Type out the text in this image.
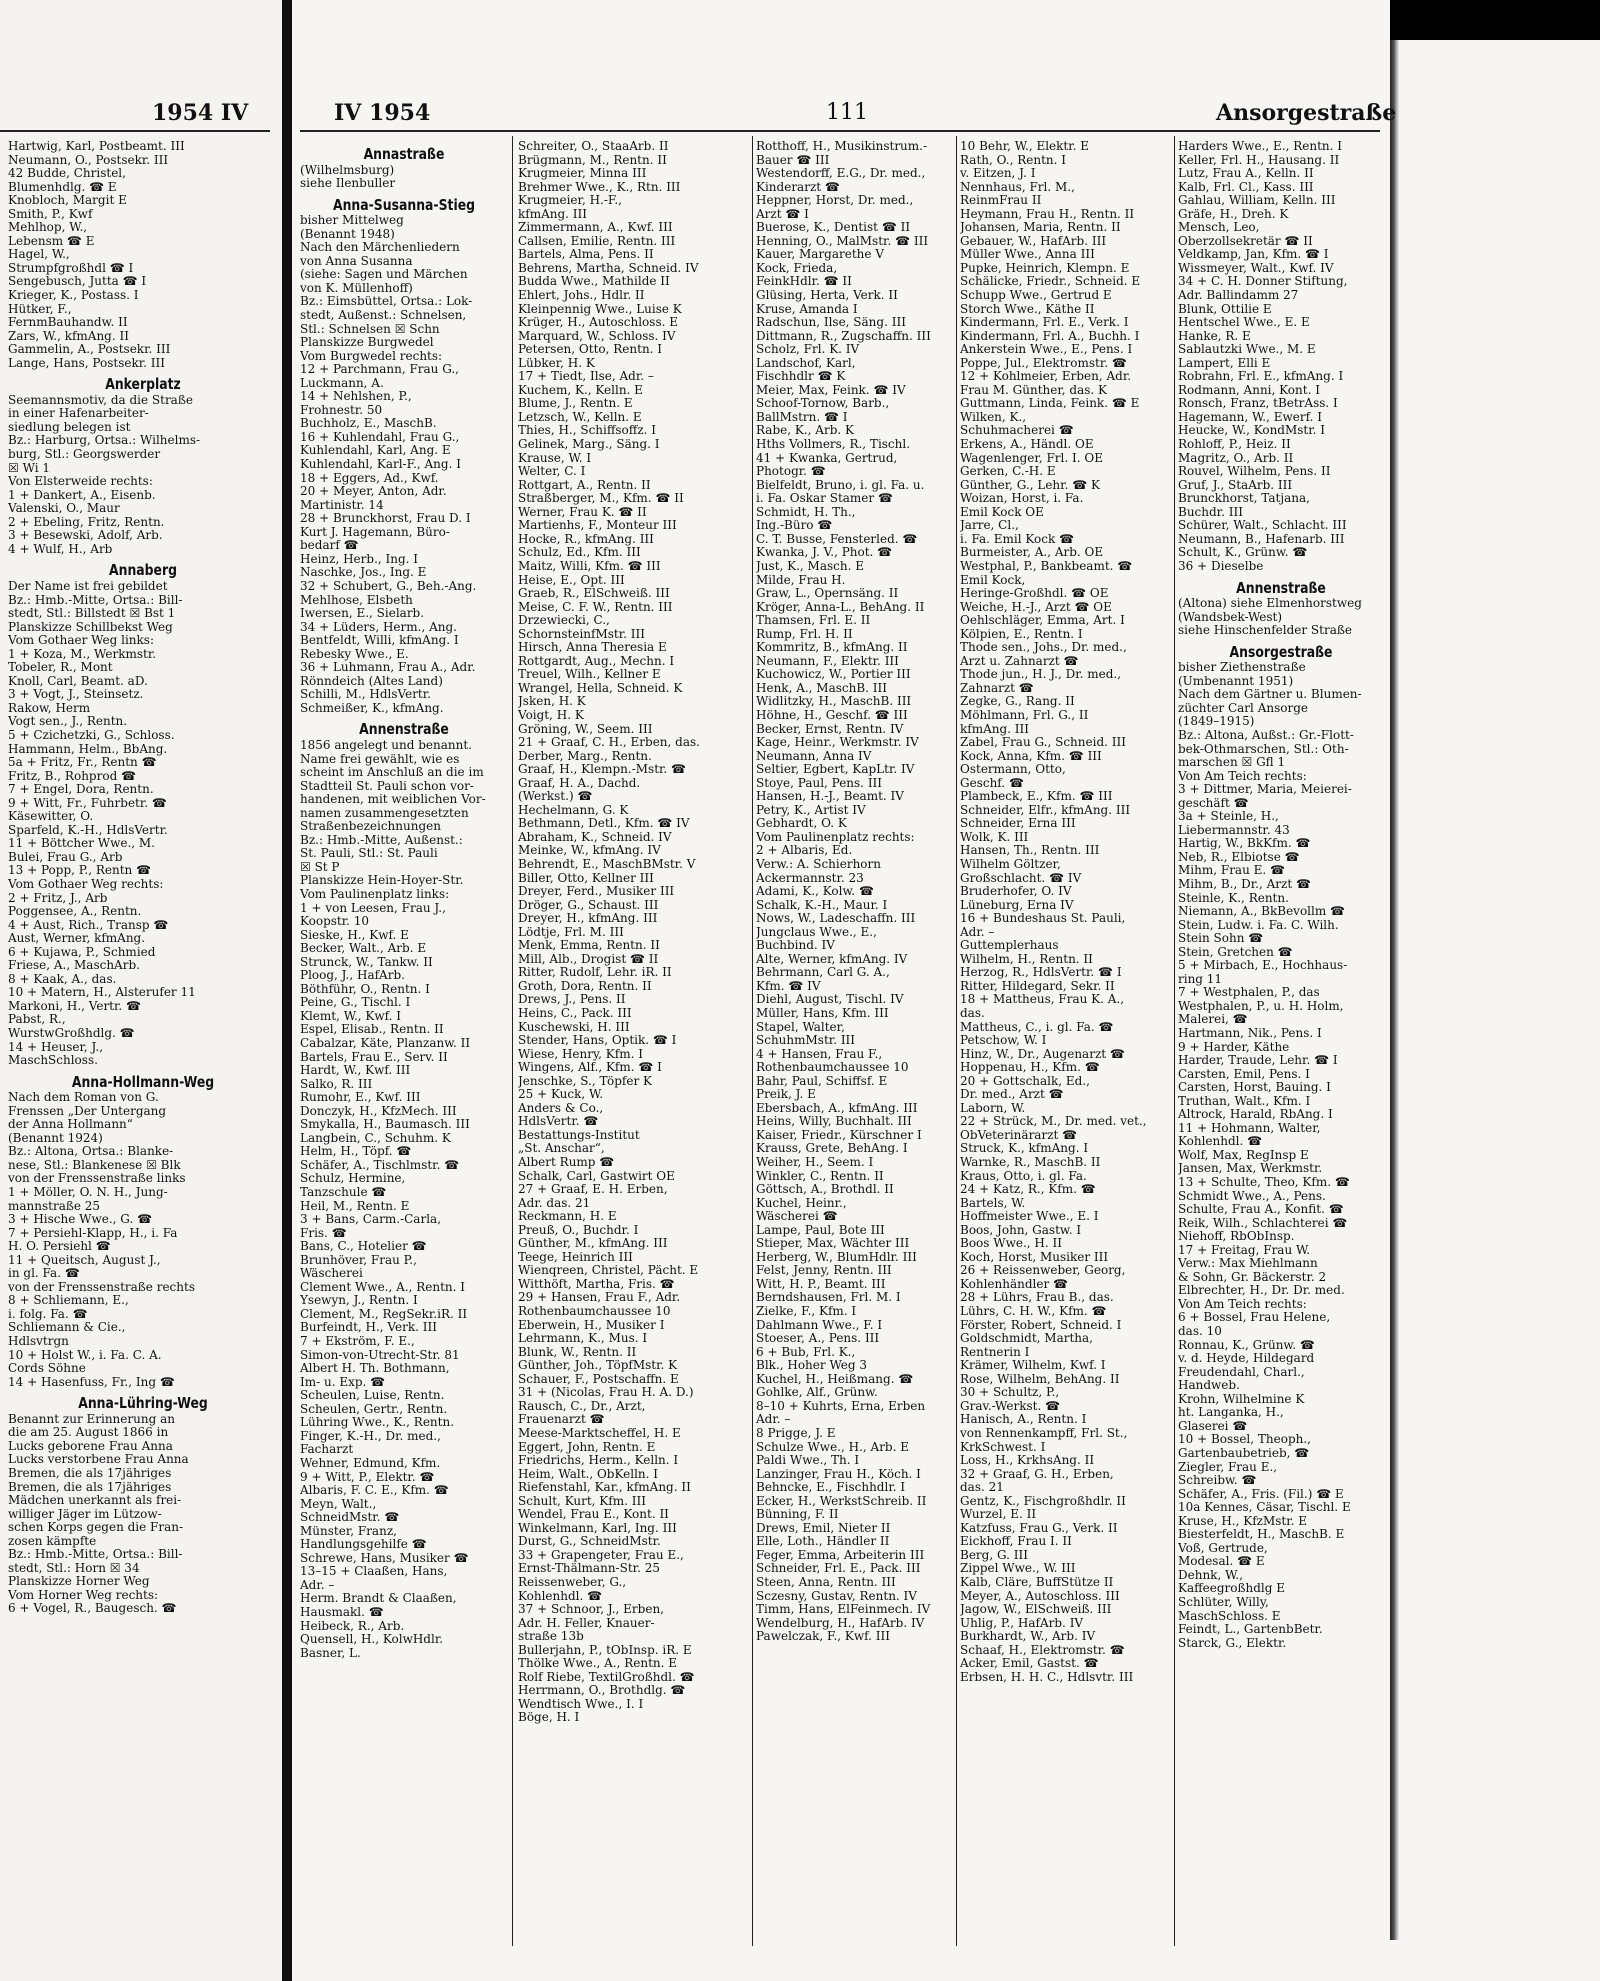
1954 IV	IV 1954	111	Ansorgestraße
Hartwig, Karl, Postbeamt. III
Neumann, O., Postsekr. III
42 Budde, Christel,
Blumenhdlg. ☎ E
Knobloch, Margit E
Smith, P., Kwf
Mehlhop, W.,
Lebensm ☎ E
Hagel, W.,
Strumpfgroßhdl ☎ I
Sengebusch, Jutta ☎ I
Krieger, K., Postass. I
Hütker, F.,
FernmBauhandw. II
Zars, W., kfmAng. II
Gammelin, A., Postsekr. III
Lange, Hans, Postsekr. III
Ankerplatz
Seemannsmotiv, da die Straße
in einer Hafenarbeiter-
siedlung belegen ist
Bz.: Harburg, Ortsa.: Wilhelms-
burg, Stl.: Georgswerder
☒ Wi 1
Von Elsterweide rechts:
1 + Dankert, A., Eisenb.
Valenski, O., Maur
2 + Ebeling, Fritz, Rentn.
3 + Besewski, Adolf, Arb.
4 + Wulf, H., Arb
Annaberg
Der Name ist frei gebildet
Bz.: Hmb.-Mitte, Ortsa.: Bill-
stedt, Stl.: Billstedt ☒ Bst 1
Planskizze Schillbekst Weg
Vom Gothaer Weg links:
1 + Koza, M., Werkmstr.
Tobeler, R., Mont
Knoll, Carl, Beamt. aD.
3 + Vogt, J., Steinsetz.
Rakow, Herm
Vogt sen., J., Rentn.
5 + Czichetzki, G., Schloss.
Hammann, Helm., BbAng.
5a + Fritz, Fr., Rentn ☎
Fritz, B., Rohprod ☎
7 + Engel, Dora, Rentn.
9 + Witt, Fr., Fuhrbetr. ☎
Käsewitter, O.
Sparfeld, K.-H., HdlsVertr.
11 + Böttcher Wwe., M.
Bulei, Frau G., Arb
13 + Popp, P., Rentn ☎
Vom Gothaer Weg rechts:
2 + Fritz, J., Arb
Poggensee, A., Rentn.
4 + Aust, Rich., Transp ☎
Aust, Werner, kfmAng.
6 + Kujawa, P., Schmied
Friese, A., MaschArb.
8 + Kaak, A., das.
10 + Matern, H., Alsterufer 11
Markoni, H., Vertr. ☎
Pabst, R.,
WurstwGroßhdlg. ☎
14 + Heuser, J.,
MaschSchloss.
Anna-Hollmann-Weg
Nach dem Roman von G.
Frenssen „Der Untergang
der Anna Hollmann“
(Benannt 1924)
Bz.: Altona, Ortsa.: Blanke-
nese, Stl.: Blankenese ☒ Blk
von der Frenssenstraße links
1 + Möller, O. N. H., Jung-
mannstraße 25
3 + Hische Wwe., G. ☎
7 + Persiehl-Klapp, H., i. Fa
H. O. Persiehl ☎
11 + Queitsch, August J.,
in gl. Fa. ☎
von der Frenssenstraße rechts
8 + Schliemann, E.,
i. folg. Fa. ☎
Schliemann & Cie.,
Hdlsvtrgn
10 + Holst W., i. Fa. C. A.
Cords Söhne
14 + Hasenfuss, Fr., Ing ☎
Anna-Lühring-Weg
Benannt zur Erinnerung an
die am 25. August 1866 in
Lucks geborene Frau Anna
Lucks verstorbene Frau Anna
Bremen, die als 17jähriges
Bremen, die als 17jähriges
Mädchen unerkannt als frei-
williger Jäger im Lützow-
schen Korps gegen die Fran-
zosen kämpfte
Bz.: Hmb.-Mitte, Ortsa.: Bill-
stedt, Stl.: Horn ☒ 34
Planskizze Horner Weg
Vom Horner Weg rechts:
6 + Vogel, R., Baugesch. ☎
Annastraße
(Wilhelmsburg)
siehe Ilenbuller
Anna-Susanna-Stieg
bisher Mittelweg
(Benannt 1948)
Nach den Märchenliedern
von Anna Susanna
(siehe: Sagen und Märchen
von K. Müllenhoff)
Bz.: Eimsbüttel, Ortsa.: Lok-
stedt, Außenst.: Schnelsen,
Stl.: Schnelsen ☒ Schn
Planskizze Burgwedel
Vom Burgwedel rechts:
12 + Parchmann, Frau G.,
Luckmann, A.
14 + Nehlshen, P.,
Frohnestr. 50
Buchholz, E., MaschB.
16 + Kuhlendahl, Frau G.,
Kuhlendahl, Karl, Ang. E
Kuhlendahl, Karl-F., Ang. I
18 + Eggers, Ad., Kwf.
20 + Meyer, Anton, Adr.
Martinistr. 14
28 + Brunckhorst, Frau D. I
Kurt J. Hagemann, Büro-
bedarf ☎
Heinz, Herb., Ing. I
Naschke, Jos., Ing. E
32 + Schubert, G., Beh.-Ang.
Mehlhose, Elsbeth
Iwersen, E., Sielarb.
34 + Lüders, Herm., Ang.
Bentfeldt, Willi, kfmAng. I
Rebesky Wwe., E.
36 + Luhmann, Frau A., Adr.
Rönndeich (Altes Land)
Schilli, M., HdlsVertr.
Schmeißer, K., kfmAng.
Annenstraße
1856 angelegt und benannt.
Name frei gewählt, wie es
scheint im Anschluß an die im
Stadtteil St. Pauli schon vor-
handenen, mit weiblichen Vor-
namen zusammengesetzten
Straßenbezeichnungen
Bz.: Hmb.-Mitte, Außenst.:
St. Pauli, Stl.: St. Pauli
☒ St P
Planskizze Hein-Hoyer-Str.
Vom Paulinenplatz links:
1 + von Leesen, Frau J.,
Koopstr. 10
Sieske, H., Kwf. E
Becker, Walt., Arb. E
Strunck, W., Tankw. II
Ploog, J., HafArb.
Böthführ, O., Rentn. I
Peine, G., Tischl. I
Klemt, W., Kwf. I
Espel, Elisab., Rentn. II
Cabalzar, Käte, Planzanw. II
Bartels, Frau E., Serv. II
Hardt, W., Kwf. III
Salko, R. III
Rumohr, E., Kwf. III
Donczyk, H., KfzMech. III
Smykalla, H., Baumasch. III
Langbein, C., Schuhm. K
Helm, H., Töpf. ☎
Schäfer, A., Tischlmstr. ☎
Schulz, Hermine,
Tanzschule ☎
Heil, M., Rentn. E
3 + Bans, Carm.-Carla,
Fris. ☎
Bans, C., Hotelier ☎
Brunhöver, Frau P.,
Wäscherei
Clement Wwe., A., Rentn. I
Ysewyn, J., Rentn. I
Clement, M., RegSekr.iR. II
Burfeindt, H., Verk. III
7 + Ekström, F. E.,
Simon-von-Utrecht-Str. 81
Albert H. Th. Bothmann,
Im- u. Exp. ☎
Scheulen, Luise, Rentn.
Scheulen, Gertr., Rentn.
Lühring Wwe., K., Rentn.
Finger, K.-H., Dr. med.,
Facharzt
Wehner, Edmund, Kfm.
9 + Witt, P., Elektr. ☎
Albaris, F. C. E., Kfm. ☎
Meyn, Walt.,
SchneidMstr. ☎
Münster, Franz,
Handlungsgehilfe ☎
Schrewe, Hans, Musiker ☎
13–15 + Claaßen, Hans,
Adr. –
Herm. Brandt & Claaßen,
Hausmakl. ☎
Heibeck, R., Arb.
Quensell, H., KolwHdlr.
Basner, L.
Schreiter, O., StaaArb. II
Brügmann, M., Rentn. II
Krugmeier, Minna III
Brehmer Wwe., K., Rtn. III
Krugmeier, H.-F.,
kfmAng. III
Zimmermann, A., Kwf. III
Callsen, Emilie, Rentn. III
Bartels, Alma, Pens. II
Behrens, Martha, Schneid. IV
Budda Wwe., Mathilde II
Ehlert, Johs., Hdlr. II
Kleinpennig Wwe., Luise K
Krüger, H., Autoschloss. E
Marquard, W., Schloss. IV
Petersen, Otto, Rentn. I
Lübker, H. K
17 + Tiedt, Ilse, Adr. –
Kuchem, K., Kelln. E
Blume, J., Rentn. E
Letzsch, W., Kelln. E
Thies, H., Schiffsoffz. I
Gelinek, Marg., Säng. I
Krause, W. I
Welter, C. I
Rottgart, A., Rentn. II
Straßberger, M., Kfm. ☎ II
Werner, Frau K. ☎ II
Martienhs, F., Monteur III
Hocke, R., kfmAng. III
Schulz, Ed., Kfm. III
Maitz, Willi, Kfm. ☎ III
Heise, E., Opt. III
Graeb, R., ElSchweiß. III
Meise, C. F. W., Rentn. III
Drzewiecki, C.,
SchornsteinfMstr. III
Hirsch, Anna Theresia E
Rottgardt, Aug., Mechn. I
Treuel, Wilh., Kellner E
Wrangel, Hella, Schneid. K
Jsken, H. K
Voigt, H. K
Gröning, W., Seem. III
21 + Graaf, C. H., Erben, das.
Derber, Marg., Rentn.
Graaf, H., Klempn.-Mstr. ☎
Graaf, H. A., Dachd.
(Werkst.) ☎
Hechelmann, G. K
Bethmann, Detl., Kfm. ☎ IV
Abraham, K., Schneid. IV
Meinke, W., kfmAng. IV
Behrendt, E., MaschBMstr. V
Biller, Otto, Kellner III
Dreyer, Ferd., Musiker III
Dröger, G., Schaust. III
Dreyer, H., kfmAng. III
Lödtje, Frl. M. III
Menk, Emma, Rentn. II
Mill, Alb., Drogist ☎ II
Ritter, Rudolf, Lehr. iR. II
Groth, Dora, Rentn. II
Drews, J., Pens. II
Heins, C., Pack. III
Kuschewski, H. III
Stender, Hans, Optik. ☎ I
Wiese, Henry, Kfm. I
Wingens, Alf., Kfm. ☎ I
Jenschke, S., Töpfer K
25 + Kuck, W.
Anders & Co.,
HdlsVertr. ☎
Bestattungs-Institut
„St. Anschar“,
Albert Rump ☎
Schalk, Carl, Gastwirt OE
27 + Graaf, E. H. Erben,
Adr. das. 21
Reckmann, H. E
Preuß, O., Buchdr. I
Günther, M., kfmAng. III
Teege, Heinrich III
Wienqreen, Christel, Pächt. E
Witthöft, Martha, Fris. ☎
29 + Hansen, Frau F., Adr.
Rothenbaumchaussee 10
Eberwein, H., Musiker I
Lehrmann, K., Mus. I
Blunk, W., Rentn. II
Günther, Joh., TöpfMstr. K
Schauer, F., Postschaffn. E
31 + (Nicolas, Frau H. A. D.)
Rausch, C., Dr., Arzt,
Frauenarzt ☎
Meese-Marktscheffel, H. E
Eggert, John, Rentn. E
Friedrichs, Herm., Kelln. I
Heim, Walt., ObKelln. I
Riefenstahl, Kar., kfmAng. II
Schult, Kurt, Kfm. III
Wendel, Frau E., Kont. II
Winkelmann, Karl, Ing. III
Durst, G., SchneidMstr.
33 + Grapengeter, Frau E.,
Ernst-Thälmann-Str. 25
Reissenweber, G.,
Kohlenhdl. ☎
37 + Schnoor, J., Erben,
Adr. H. Feller, Knauer-
straße 13b
Bullerjahn, P., tObInsp. iR. E
Thölke Wwe., A., Rentn. E
Rolf Riebe, TextilGroßhdl. ☎
Herrmann, O., Brothdlg. ☎
Wendtisch Wwe., I. I
Böge, H. I
Rotthoff, H., Musikinstrum.-
Bauer ☎ III
Westendorff, E.G., Dr. med.,
Kinderarzt ☎
Heppner, Horst, Dr. med.,
Arzt ☎ I
Buerose, K., Dentist ☎ II
Henning, O., MalMstr. ☎ III
Kauer, Margarethe V
Kock, Frieda,
FeinkHdlr. ☎ II
Glüsing, Herta, Verk. II
Kruse, Amanda I
Radschun, Ilse, Säng. III
Dittmann, R., Zugschaffn. III
Scholz, Frl. K. IV
Landschof, Karl,
Fischhdlr ☎ K
Meier, Max, Feink. ☎ IV
Schoof-Tornow, Barb.,
BallMstrn. ☎ I
Rabe, K., Arb. K
Hths Vollmers, R., Tischl.
41 + Kwanka, Gertrud,
Photogr. ☎
Bielfeldt, Bruno, i. gl. Fa. u.
i. Fa. Oskar Stamer ☎
Schmidt, H. Th.,
Ing.-Büro ☎
C. T. Busse, Fensterled. ☎
Kwanka, J. V., Phot. ☎
Just, K., Masch. E
Milde, Frau H.
Graw, L., Opernsäng. II
Kröger, Anna-L., BehAng. II
Thamsen, Frl. E. II
Rump, Frl. H. II
Kommritz, B., kfmAng. II
Neumann, F., Elektr. III
Kuchowicz, W., Portier III
Henk, A., MaschB. III
Widlitzky, H., MaschB. III
Höhne, H., Geschf. ☎ III
Becker, Ernst, Rentn. IV
Kage, Heinr., Werkmstr. IV
Neumann, Anna IV
Seltier, Egbert, KapLtr. IV
Stoye, Paul, Pens. III
Hansen, H.-J., Beamt. IV
Petry, K., Artist IV
Gebhardt, O. K
Vom Paulinenplatz rechts:
2 + Albaris, Ed.
Verw.: A. Schierhorn
Ackermannstr. 23
Adami, K., Kolw. ☎
Schalk, K.-H., Maur. I
Nows, W., Ladeschaffn. III
Jungclaus Wwe., E.,
Buchbind. IV
Alte, Werner, kfmAng. IV
Behrmann, Carl G. A.,
Kfm. ☎ IV
Diehl, August, Tischl. IV
Müller, Hans, Kfm. III
Stapel, Walter,
SchuhmMstr. III
4 + Hansen, Frau F.,
Rothenbaumchaussee 10
Bahr, Paul, Schiffsf. E
Preik, J. E
Ebersbach, A., kfmAng. III
Heins, Willy, Buchhalt. III
Kaiser, Friedr., Kürschner I
Krauss, Grete, BehAng. I
Weiher, H., Seem. I
Winkler, C., Rentn. II
Göttsch, A., Brothdl. II
Kuchel, Heinr.,
Wäscherei ☎
Lampe, Paul, Bote III
Stieper, Max, Wächter III
Herberg, W., BlumHdlr. III
Felst, Jenny, Rentn. III
Witt, H. P., Beamt. III
Berndshausen, Frl. M. I
Zielke, F., Kfm. I
Dahlmann Wwe., F. I
Stoeser, A., Pens. III
6 + Bub, Frl. K.,
Blk., Hoher Weg 3
Kuchel, H., Heißmang. ☎
Gohlke, Alf., Grünw.
8–10 + Kuhrts, Erna, Erben
Adr. –
8 Prigge, J. E
Schulze Wwe., H., Arb. E
Paldi Wwe., Th. I
Lanzinger, Frau H., Köch. I
Behncke, E., Fischhdlr. I
Ecker, H., WerkstSchreib. II
Bünning, F. II
Drews, Emil, Nieter II
Elle, Loth., Händler II
Feger, Emma, Arbeiterin III
Schneider, Frl. E., Pack. III
Steen, Anna, Rentn. III
Sczesny, Gustav, Rentn. IV
Timm, Hans, ElFeinmech. IV
Wendelburg, H., HafArb. IV
Pawelczak, F., Kwf. III
10 Behr, W., Elektr. E
Rath, O., Rentn. I
v. Eitzen, J. I
Nennhaus, Frl. M.,
ReinmFrau II
Heymann, Frau H., Rentn. II
Johansen, Maria, Rentn. II
Gebauer, W., HafArb. III
Müller Wwe., Anna III
Pupke, Heinrich, Klempn. E
Schälicke, Friedr., Schneid. E
Schupp Wwe., Gertrud E
Storch Wwe., Käthe II
Kindermann, Frl. E., Verk. I
Kindermann, Frl. A., Buchh. I
Ankerstein Wwe., E., Pens. I
Poppe, Jul., Elektromstr. ☎
12 + Kohlmeier, Erben, Adr.
Frau M. Günther, das. K
Guttmann, Linda, Feink. ☎ E
Wilken, K.,
Schuhmacherei ☎
Erkens, A., Händl. OE
Wagenlenger, Frl. I. OE
Gerken, C.-H. E
Günther, G., Lehr. ☎ K
Woizan, Horst, i. Fa.
Emil Kock OE
Jarre, Cl.,
i. Fa. Emil Kock ☎
Burmeister, A., Arb. OE
Westphal, P., Bankbeamt. ☎
Emil Kock,
Heringe-Großhdl. ☎ OE
Weiche, H.-J., Arzt ☎ OE
Oehlschläger, Emma, Art. I
Kölpien, E., Rentn. I
Thode sen., Johs., Dr. med.,
Arzt u. Zahnarzt ☎
Thode jun., H. J., Dr. med.,
Zahnarzt ☎
Zegke, G., Rang. II
Möhlmann, Frl. G., II
kfmAng. III
Zabel, Frau G., Schneid. III
Kock, Anna, Kfm. ☎ III
Ostermann, Otto,
Geschf. ☎
Plambeck, E., Kfm. ☎ III
Schneider, Elfr., kfmAng. III
Schneider, Erna III
Wolk, K. III
Hansen, Th., Rentn. III
Wilhelm Göltzer,
Großschlacht. ☎ IV
Bruderhofer, O. IV
Lüneburg, Erna IV
16 + Bundeshaus St. Pauli,
Adr. –
Guttemplerhaus
Wilhelm, H., Rentn. II
Herzog, R., HdlsVertr. ☎ I
Ritter, Hildegard, Sekr. II
18 + Mattheus, Frau K. A.,
das.
Mattheus, C., i. gl. Fa. ☎
Petschow, W. I
Hinz, W., Dr., Augenarzt ☎
Hoppenau, H., Kfm. ☎
20 + Gottschalk, Ed.,
Dr. med., Arzt ☎
Laborn, W.
22 + Strück, M., Dr. med. vet.,
ObVeterinärarzt ☎
Struck, K., kfmAng. I
Warnke, R., MaschB. II
Kraus, Otto, i. gl. Fa.
24 + Katz, R., Kfm. ☎
Bartels, W.
Hoffmeister Wwe., E. I
Boos, John, Gastw. I
Boos Wwe., H. II
Koch, Horst, Musiker III
26 + Reissenweber, Georg,
Kohlenhändler ☎
28 + Lührs, Frau B., das.
Lührs, C. H. W., Kfm. ☎
Förster, Robert, Schneid. I
Goldschmidt, Martha,
Rentnerin I
Krämer, Wilhelm, Kwf. I
Rose, Wilhelm, BehAng. II
30 + Schultz, P.,
Grav.-Werkst. ☎
Hanisch, A., Rentn. I
von Rennenkampff, Frl. St.,
KrkSchwest. I
Loss, H., KrkhsAng. II
32 + Graaf, G. H., Erben,
das. 21
Gentz, K., Fischgroßhdlr. II
Wurzel, E. II
Katzfuss, Frau G., Verk. II
Eickhoff, Frau I. II
Berg, G. III
Zippel Wwe., W. III
Kalb, Cläre, BuffStütze II
Meyer, A., Autoschloss. III
Jagow, W., ElSchweiß. III
Uhlig, P., HafArb. IV
Burkhardt, W., Arb. IV
Schaaf, H., Elektromstr. ☎
Acker, Emil, Gastst. ☎
Erbsen, H. H. C., Hdlsvtr. III
Harders Wwe., E., Rentn. I
Keller, Frl. H., Hausang. II
Lutz, Frau A., Kelln. II
Kalb, Frl. Cl., Kass. III
Gahlau, William, Kelln. III
Gräfe, H., Dreh. K
Mensch, Leo,
Oberzollsekretär ☎ II
Veldkamp, Jan, Kfm. ☎ I
Wissmeyer, Walt., Kwf. IV
34 + C. H. Donner Stiftung,
Adr. Ballindamm 27
Blunk, Ottilie E
Hentschel Wwe., E. E
Hanke, R. E
Sablautzki Wwe., M. E
Lampert, Elli E
Robrahn, Frl. E., kfmAng. I
Rodmann, Anni, Kont. I
Ronsch, Franz, tBetrAss. I
Hagemann, W., Ewerf. I
Heucke, W., KondMstr. I
Rohloff, P., Heiz. II
Magritz, O., Arb. II
Rouvel, Wilhelm, Pens. II
Gruf, J., StaArb. III
Brunckhorst, Tatjana,
Buchdr. III
Schürer, Walt., Schlacht. III
Neumann, B., Hafenarb. III
Schult, K., Grünw. ☎
36 + Dieselbe
Annenstraße
(Altona) siehe Elmenhorstweg
(Wandsbek-West)
siehe Hinschenfelder Straße
Ansorgestraße
bisher Ziethenstraße
(Umbenannt 1951)
Nach dem Gärtner u. Blumen-
züchter Carl Ansorge
(1849–1915)
Bz.: Altona, Außst.: Gr.-Flott-
bek-Othmarschen, Stl.: Oth-
marschen ☒ Gfl 1
Von Am Teich rechts:
3 + Dittmer, Maria, Meierei-
geschäft ☎
3a + Steinle, H.,
Liebermannstr. 43
Hartig, W., BkKfm. ☎
Neb, R., Elbiotse ☎
Mihm, Frau E. ☎
Mihm, B., Dr., Arzt ☎
Steinle, K., Rentn.
Niemann, A., BkBevollm ☎
Stein, Ludw. i. Fa. C. Wilh.
Stein Sohn ☎
Stein, Gretchen ☎
5 + Mirbach, E., Hochhaus-
ring 11
7 + Westphalen, P., das
Westphalen, P., u. H. Holm,
Malerei, ☎
Hartmann, Nik., Pens. I
9 + Harder, Käthe
Harder, Traude, Lehr. ☎ I
Carsten, Emil, Pens. I
Carsten, Horst, Bauing. I
Truthan, Walt., Kfm. I
Altrock, Harald, RbAng. I
11 + Hohmann, Walter,
Kohlenhdl. ☎
Wolf, Max, RegInsp E
Jansen, Max, Werkmstr.
13 + Schulte, Theo, Kfm. ☎
Schmidt Wwe., A., Pens.
Schulte, Frau A., Konfit. ☎
Reik, Wilh., Schlachterei ☎
Niehoff, RbObInsp.
17 + Freitag, Frau W.
Verw.: Max Miehlmann
& Sohn, Gr. Bäckerstr. 2
Elbrechter, H., Dr. Dr. med.
Von Am Teich rechts:
6 + Bossel, Frau Helene,
das. 10
Ronnau, K., Grünw. ☎
v. d. Heyde, Hildegard
Freudendahl, Charl.,
Handweb.
Krohn, Wilhelmine K
ht. Langanka, H.,
Glaserei ☎
10 + Bossel, Theoph.,
Gartenbaubetrieb, ☎
Ziegler, Frau E.,
Schreibw. ☎
Schäfer, A., Fris. (Fil.) ☎ E
10a Kennes, Cäsar, Tischl. E
Kruse, H., KfzMstr. E
Biesterfeldt, H., MaschB. E
Voß, Gertrude,
Modesal. ☎ E
Dehnk, W.,
Kaffeegroßhdlg E
Schlüter, Willy,
MaschSchloss. E
Feindt, L., GartenbBetr.
Starck, G., Elektr.
